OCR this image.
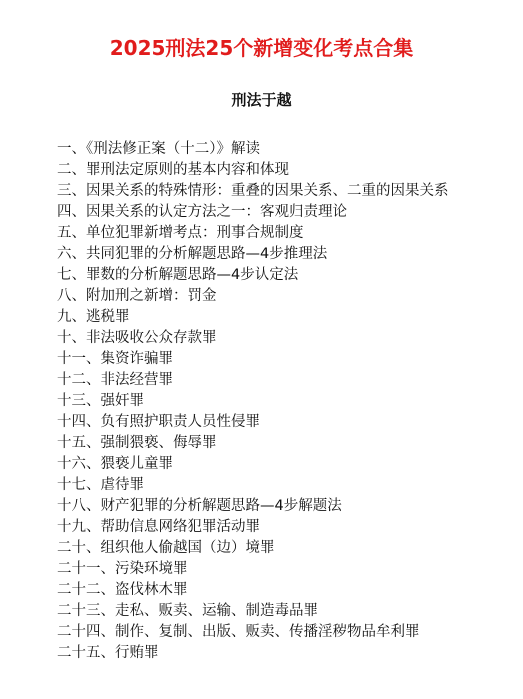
2025刑法25个新增变化考点合集
刑法于越
一、《刑法修正案（十二）》解读
二、罪刑法定原则的基本内容和体现
三、因果关系的特殊情形：重叠的因果关系、二重的因果关系
四、因果关系的认定方法之一：客观归责理论
五、单位犯罪新增考点：刑事合规制度
六、共同犯罪的分析解题思路—4步推理法
七、罪数的分析解题思路—4步认定法
八、附加刑之新增：罚金
九、逃税罪
十、非法吸收公众存款罪
十一、集资诈骗罪
十二、非法经营罪
十三、强奸罪
十四、负有照护职责人员性侵罪
十五、强制猥亵、侮辱罪
十六、猥亵儿童罪
十七、虐待罪
十八、财产犯罪的分析解题思路—4步解题法
十九、帮助信息网络犯罪活动罪
二十、组织他人偷越国（边）境罪
二十一、污染环境罪
二十二、盗伐林木罪
二十三、走私、贩卖、运输、制造毒品罪
二十四、制作、复制、出版、贩卖、传播淫秽物品牟利罪
二十五、行贿罪
